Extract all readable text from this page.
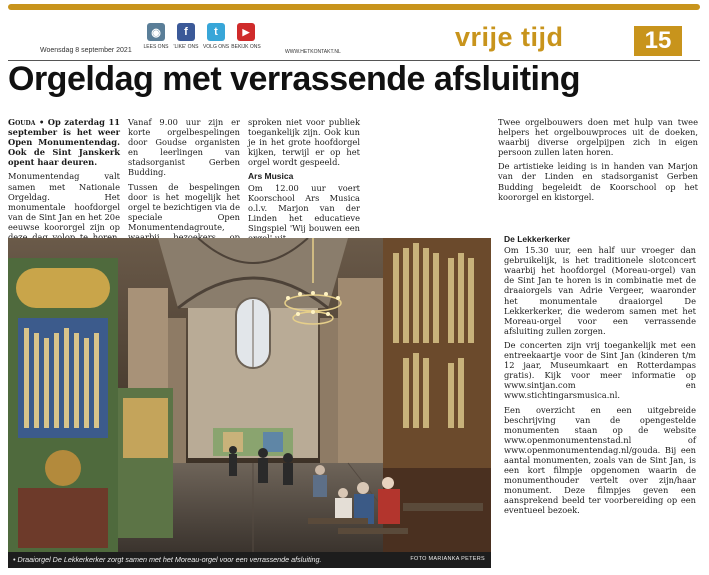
Woensdag 8 september 2021
◉
LEES ONS
f
'LIKE' ONS
t
VOLG ONS
▶
BEKIJK ONS
WWW.HETKONTAKT.NL	vrije tijd	15
Orgeldag met verrassende afsluiting

Gouda • Op zaterdag 11 september is het weer Open Monumentendag. Ook de Sint Janskerk opent haar deuren.

Monumentendag valt samen met Nationale Orgeldag. Het monumentale hoofdorgel van de Sint Jan en het 20e eeuwse koororgel zijn op

Vanaf 9.00 uur zijn er korte orgelbespelingen door Goudse organisten en leerlingen van stadsorganist Gerben Budding.

Tussen de bespelingen door is het mogelijk het orgel te bezichtigen via de speciale Open Monumentendagroute,

sproken niet voor publiek toegankelijk zijn. Ook kun je in het grote hoofdorgel kijken, terwijl er op het orgel wordt gespeeld.

Ars Musica

Om 12.00 uur voert Koorschool Ars Musica o.l.v. Marjon van der Linden het educatieve Singspiel 'Wij bouwen een

Twee orgelbouwers doen met hulp van twee helpers het orgelbouwproces uit de doeken, waarbij diverse orgelpijpen zich in eigen persoon zullen laten horen.

De artistieke leiding is in handen van Marjon van der Linden en stadsorganist Gerben Budding begeleidt de Koorschool op het koororgel en kistorgel.

De Lekkerkerker

Om 15.30 uur, een half uur vroeger dan gebruikelijk, is het traditionele slotconcert waarbij het hoofdorgel (Moreau-orgel) van de Sint Jan te horen is in combinatie met de draaiorgels van Adrie Vergeer, waaronder het monumentale draaiorgel De Lekkerkerker, die wederom samen met het Moreau-orgel voor een verrassende afsluiting zullen zorgen.

De concerten zijn vrij toegankelijk met een entreekaartje voor de Sint Jan (kinderen t/m 12 jaar, Museumkaart en Rotterdampas gratis). Kijk voor meer informatie op www.sintjan.com en www.stichtingarsmusica.nl.

Een overzicht en een uitgebreide beschrijving van de opengestelde monumenten staan op de website www.openmonumentenstad.nl of www.openmonumentendag.nl/gouda. Bij een aantal monumenten, zoals van de Sint Jan, is een kort filmpje opgenomen waarin de monumenthouder vertelt over zijn/haar monument. Deze filmpjes geven een aansprekend beeld ter voorbereiding op een eventueel bezoek.

• Draaiorgel De Lekkerkerker zorgt samen met het Moreau-orgel voor een verrassende afsluiting.	FOTO MARIANKA PETERS
